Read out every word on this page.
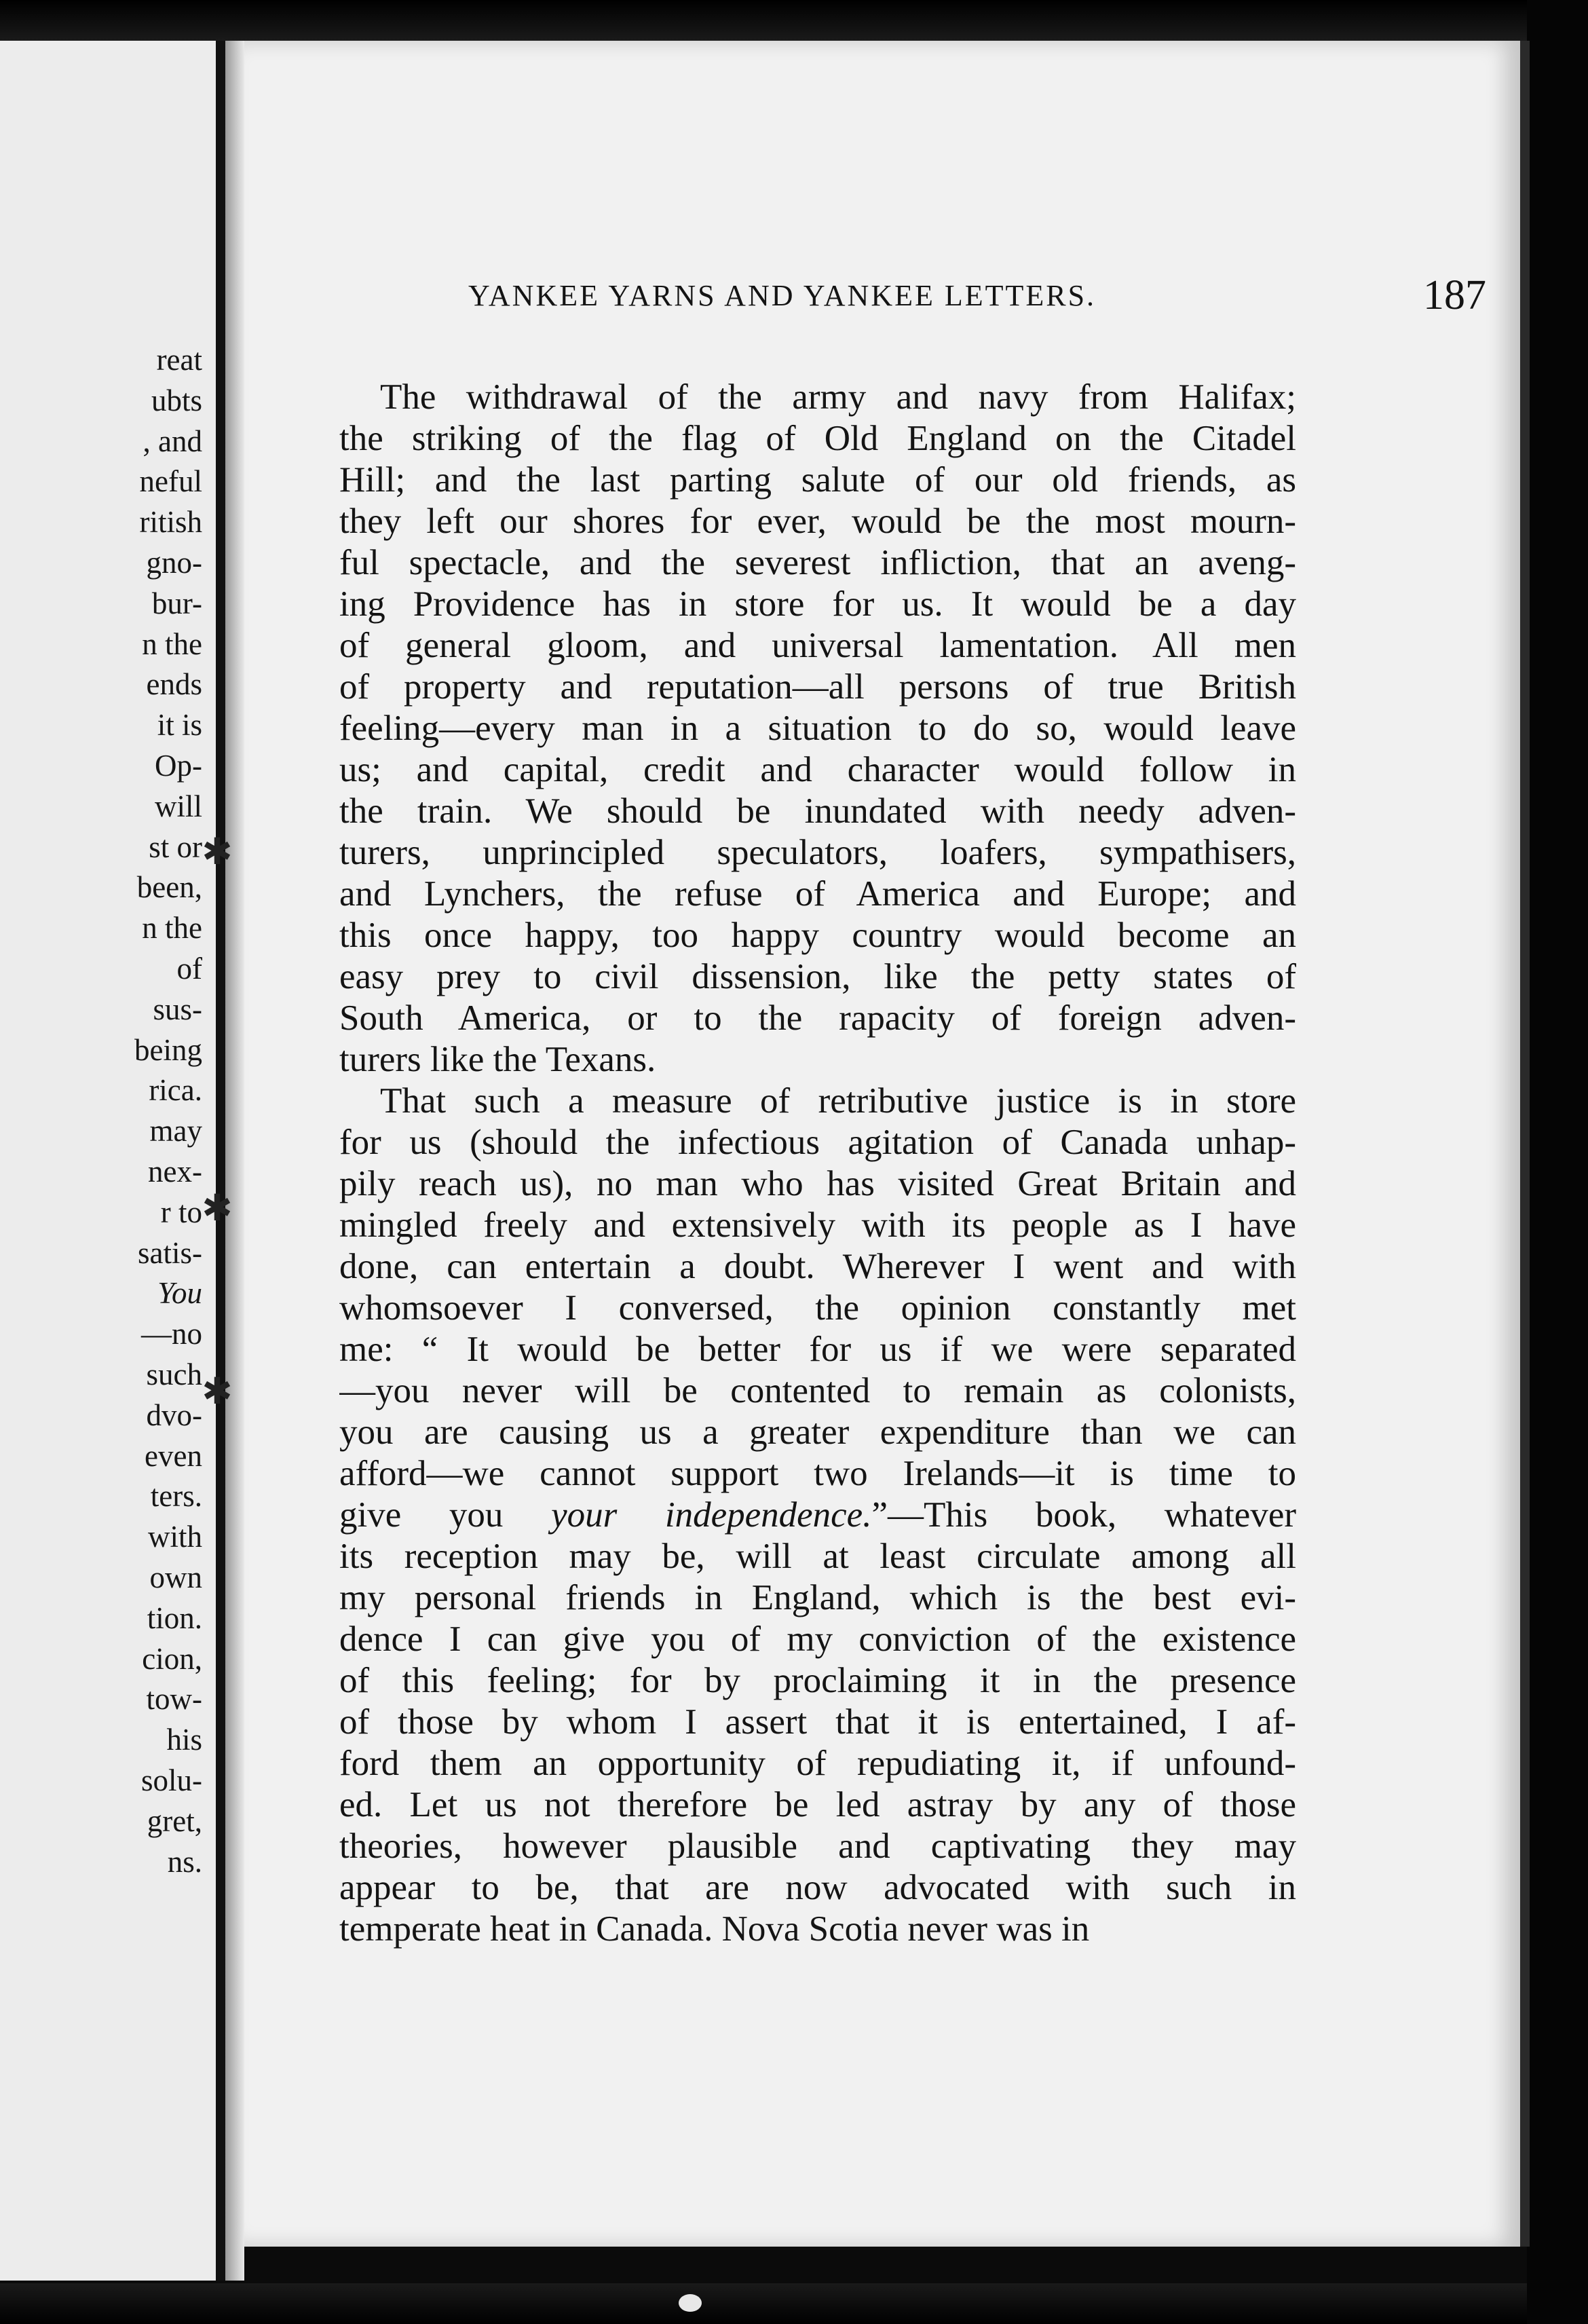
reat
ubts
, and
neful
ritish
gno-
bur-
n the
ends
it is
Op-
will
st or
been,
n the
of
sus-
being
rica.
may
nex-
r to
satis-
You
—no
such
dvo-
even
ters.
with
own
tion.
cion,
tow-
his
solu-
gret,
ns.
✱
✱
✱
YANKEE YARNS AND YANKEE LETTERS.	187
The withdrawal of the army and navy from Halifax;
the striking of the flag of Old England on the Citadel
Hill; and the last parting salute of our old friends, as
they left our shores for ever, would be the most mourn-
ful spectacle, and the severest infliction, that an aveng-
ing Providence has in store for us. It would be a day
of general gloom, and universal lamentation. All men
of property and reputation—all persons of true British
feeling—every man in a situation to do so, would leave
us; and capital, credit and character would follow in
the train. We should be inundated with needy adven-
turers, unprincipled speculators, loafers, sympathisers,
and Lynchers, the refuse of America and Europe; and
this once happy, too happy country would become an
easy prey to civil dissension, like the petty states of
South America, or to the rapacity of foreign adven-
turers like the Texans.
That such a measure of retributive justice is in store
for us (should the infectious agitation of Canada unhap-
pily reach us), no man who has visited Great Britain and
mingled freely and extensively with its people as I have
done, can entertain a doubt. Wherever I went and with
whomsoever I conversed, the opinion constantly met
me: “ It would be better for us if we were separated
—you never will be contented to remain as colonists,
you are causing us a greater expenditure than we can
afford—we cannot support two Irelands—it is time to
give you your independence.”—This book, whatever
its reception may be, will at least circulate among all
my personal friends in England, which is the best evi-
dence I can give you of my conviction of the existence
of this feeling; for by proclaiming it in the presence
of those by whom I assert that it is entertained, I af-
ford them an opportunity of repudiating it, if unfound-
ed. Let us not therefore be led astray by any of those
theories, however plausible and captivating they may
appear to be, that are now advocated with such in
temperate heat in Canada. Nova Scotia never was in
